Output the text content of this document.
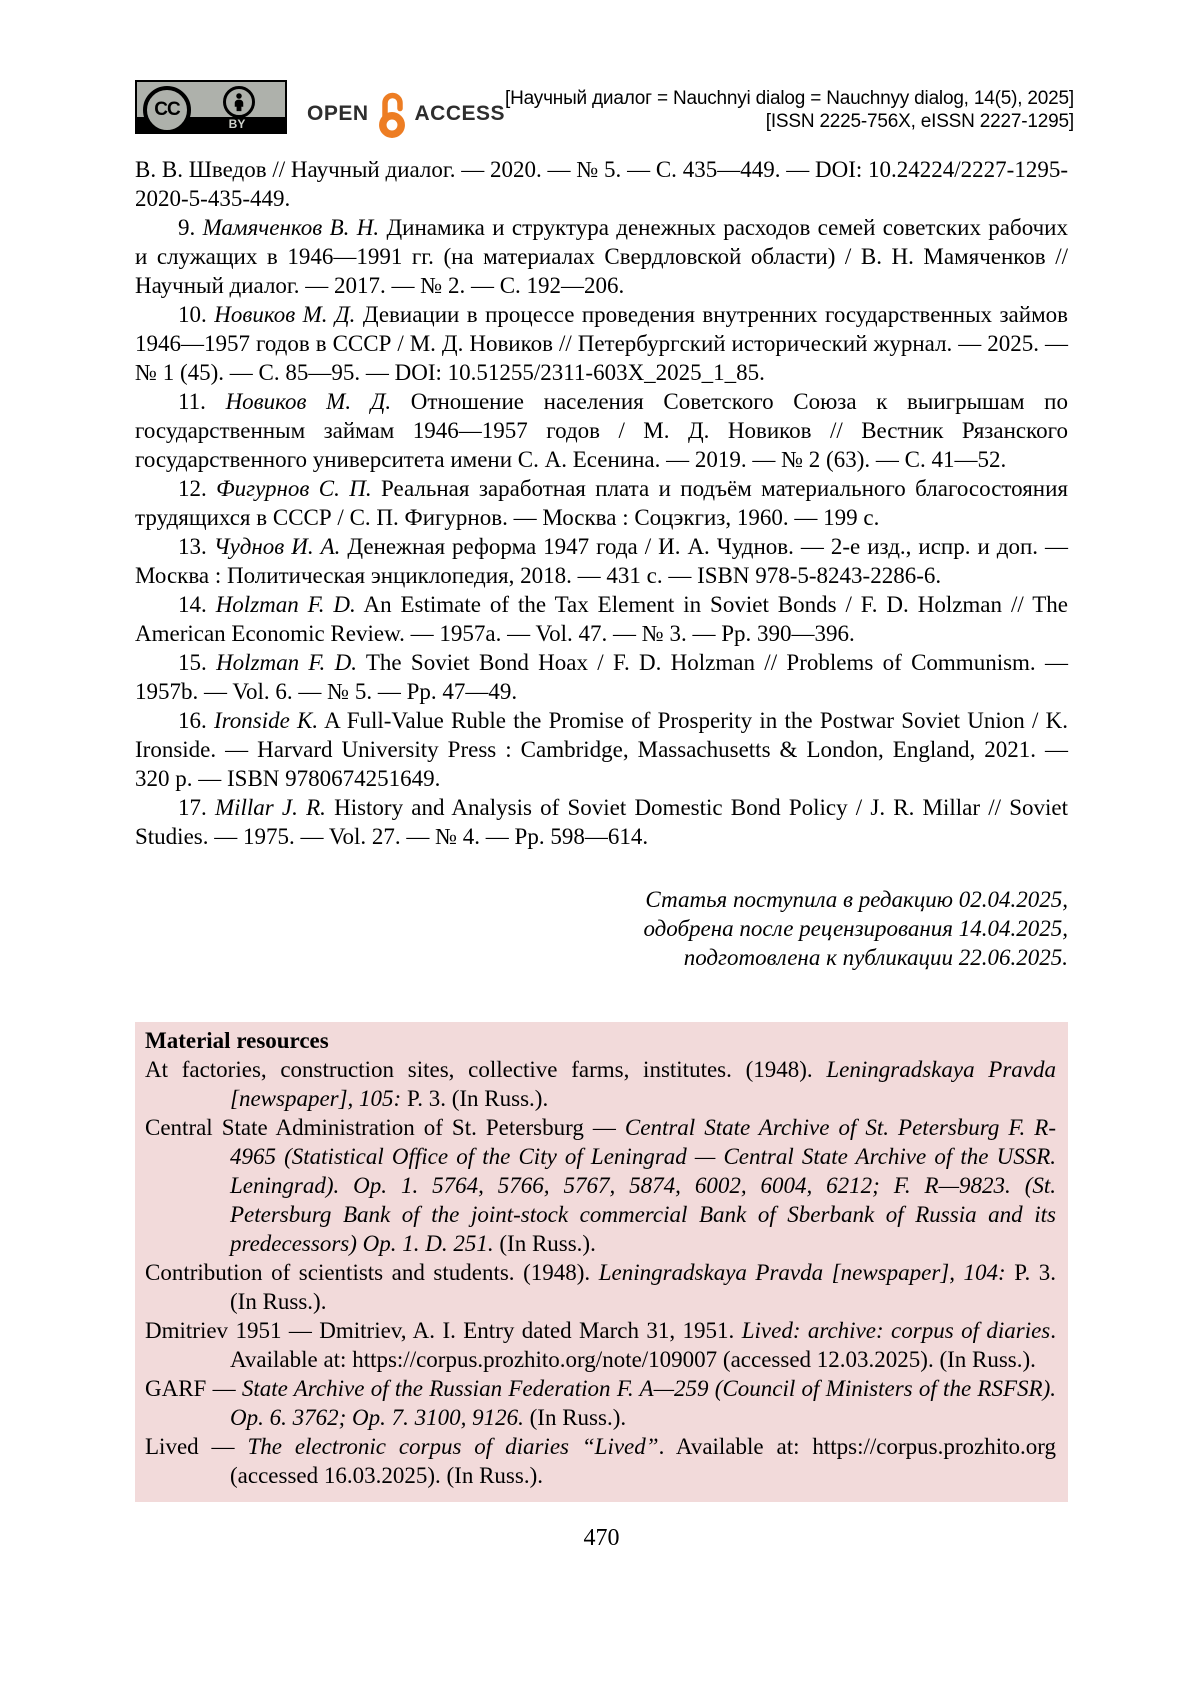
CC
BY	OPEN ACCESS
[Научный диалог = Nauchnyi dialog = Nauchnyy dialog, 14(5), 2025]
[ISSN 2225-756X, eISSN 2227-1295]

В. В. Шведов // Научный диалог. — 2020. — № 5. — С. 435—449. — DOI: 10.24224/2227-1295-2020-5-435-449.

9. Мамяченков В. Н. Динамика и структура денежных расходов семей советских рабочих и служащих в 1946—1991 гг. (на материалах Свердловской области) / В. Н. Мамяченков // Научный диалог. — 2017. — № 2. — С. 192—206.

10. Новиков М. Д. Девиации в процессе проведения внутренних государственных займов 1946—1957 годов в СССР / М. Д. Новиков // Петербургский исторический журнал. — 2025. — № 1 (45). — С. 85—95. — DOI: 10.51255/2311-603X_2025_1_85.

11. Новиков М. Д. Отношение населения Советского Союза к выигрышам по государственным займам 1946—1957 годов / М. Д. Новиков // Вестник Рязанского государственного университета имени С. А. Есенина. — 2019. — № 2 (63). — С. 41—52.

12. Фигурнов С. П. Реальная заработная плата и подъём материального благосостояния трудящихся в СССР / С. П. Фигурнов. — Москва : Соцэкгиз, 1960. — 199 с.

13. Чуднов И. А. Денежная реформа 1947 года / И. А. Чуднов. — 2-е изд., испр. и доп. — Москва : Политическая энциклопедия, 2018. — 431 с. — ISBN 978-5-8243-2286-6.

14. Holzman F. D. An Estimate of the Tax Element in Soviet Bonds / F. D. Holzman // The American Economic Review. — 1957a. — Vol. 47. — № 3. — Pp. 390—396.

15. Holzman F. D. The Soviet Bond Hoax / F. D. Holzman // Problems of Communism. — 1957b. — Vol. 6. — № 5. — Pp. 47—49.

16. Ironside K. A Full-Value Ruble the Promise of Prosperity in the Postwar Soviet Union / K. Ironside. — Harvard University Press : Cambridge, Massachusetts & London, England, 2021. — 320 p. — ISBN 9780674251649.

17. Millar J. R. History and Analysis of Soviet Domestic Bond Policy / J. R. Millar // Soviet Studies. — 1975. — Vol. 27. — № 4. — Pp. 598—614.

Статья поступила в редакцию 02.04.2025,
одобрена после рецензирования 14.04.2025,
подготовлена к публикации 22.06.2025.
Material resources

At factories, construction sites, collective farms, institutes. (1948). Leningradskaya Pravda [newspaper], 105: P. 3. (In Russ.).

Central State Administration of St. Petersburg — Central State Archive of St. Petersburg F. R-4965 (Statistical Office of the City of Leningrad — Central State Archive of the USSR. Leningrad). Op. 1. 5764, 5766, 5767, 5874, 6002, 6004, 6212; F. R—9823. (St. Petersburg Bank of the joint-stock commercial Bank of Sberbank of Russia and its predecessors) Op. 1. D. 251. (In Russ.).

Contribution of scientists and students. (1948). Leningradskaya Pravda [newspaper], 104: P. 3. (In Russ.).

Dmitriev 1951 — Dmitriev, A. I. Entry dated March 31, 1951. Lived: archive: corpus of diaries. Available at: https://corpus.prozhito.org/note/109007 (accessed 12.03.2025). (In Russ.).

GARF — State Archive of the Russian Federation F. A—259 (Council of Ministers of the RSFSR). Op. 6. 3762; Op. 7. 3100, 9126. (In Russ.).

Lived — The electronic corpus of diaries “Lived”. Available at: https://corpus.prozhito.org (accessed 16.03.2025). (In Russ.).

470
